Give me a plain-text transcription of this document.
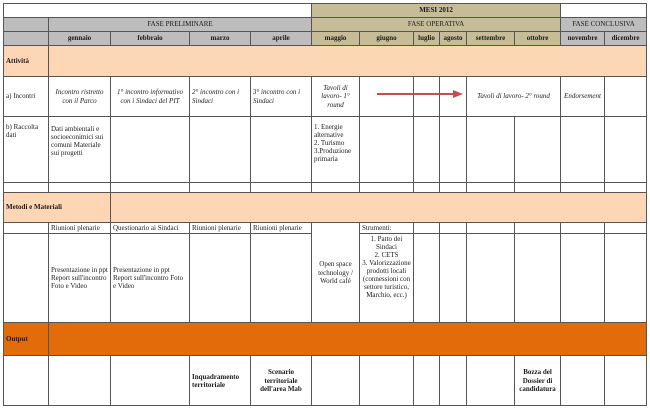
					MESI 2012							
	FASE PRELIMINARE				FASE OPERATIVA						FASE CONCLUSIVA	
	gennaio	febbraio	marzo	aprile	maggio	giugno	luglio	agosto	settembre	ottobre	novembre	dicembre
Attività												
a) Incontri	Incontro ristretto con il Parco	1° incontro informativo con i Sindaci del PIT	2° incontro con i Sindaci	3° incontro con i Sindaci	Tavoli di lavoro- 1° round				Tavoli di lavoro- 2° round		Endorsement	
b) Raccolta dati	Dati ambientali e socioeconimici sui comuni Materiale sui progetti				1. Energie alternative
2. Turismo
3.Produzione primaria							

Metodi e Materiali												
	Riunioni plenarie	Questionario ai Sindaci	Riunioni plenarie	Riunioni plenarie	Open space technology / World café	Strumenti:						
	Presentazione in ppt Report sull'incontro Foto e Video	Presentazione in ppt Report sull'incontro Foto e Video				1. Patto dei Sindaci
2. CETS
3. Valorizzazione prodotti locali (connessioni con settore turistico, Marchio, ecc.)						

Output												
			Inquadramento territoriale	Scenario territoriale dell'area Mab						Bozza del Dossier di candidatura		
